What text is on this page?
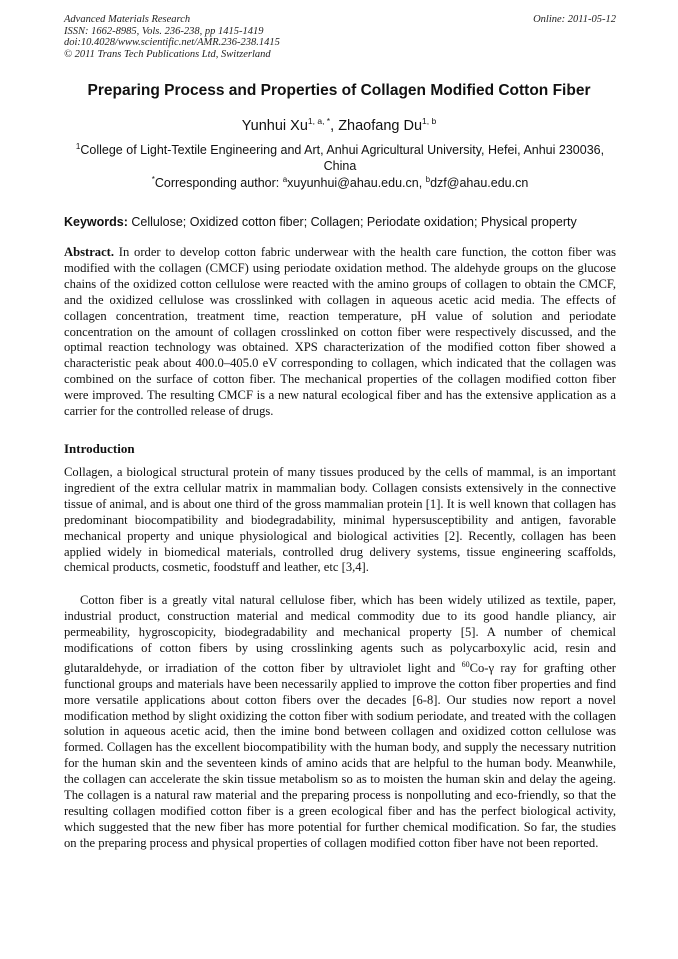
Advanced Materials Research
ISSN: 1662-8985, Vols. 236-238, pp 1415-1419
doi:10.4028/www.scientific.net/AMR.236-238.1415
© 2011 Trans Tech Publications Ltd, Switzerland
Online: 2011-05-12
Preparing Process and Properties of Collagen Modified Cotton Fiber
Yunhui $Xu^{1, a, *}$, Zhaofang Du$^{1, b}$
$^1$College of Light-Textile Engineering and Art, Anhui Agricultural University, Hefei, Anhui 230036, China
*Corresponding author: $^a$xuyunhui@ahau.edu.cn, $^b$dzf@ahau.edu.cn
Keywords: Cellulose; Oxidized cotton fiber; Collagen; Periodate oxidation; Physical property
Abstract. In order to develop cotton fabric underwear with the health care function, the cotton fiber was modified with the collagen (CMCF) using periodate oxidation method. The aldehyde groups on the glucose chains of the oxidized cotton cellulose were reacted with the amino groups of collagen to obtain the CMCF, and the oxidized cellulose was crosslinked with collagen in aqueous acetic acid media. The effects of collagen concentration, treatment time, reaction temperature, pH value of solution and periodate concentration on the amount of collagen crosslinked on cotton fiber were respectively discussed, and the optimal reaction technology was obtained. XPS characterization of the modified cotton fiber showed a characteristic peak about 400.0–405.0 eV corresponding to collagen, which indicated that the collagen was combined on the surface of cotton fiber. The mechanical properties of the collagen modified cotton fiber were improved. The resulting CMCF is a new natural ecological fiber and has the extensive application as a carrier for the controlled release of drugs.
Introduction
Collagen, a biological structural protein of many tissues produced by the cells of mammal, is an important ingredient of the extra cellular matrix in mammalian body. Collagen consists extensively in the connective tissue of animal, and is about one third of the gross mammalian protein [1]. It is well known that collagen has predominant biocompatibility and biodegradability, minimal hypersusceptibility and antigen, favorable mechanical property and unique physiological and biological activities [2]. Recently, collagen has been applied widely in biomedical materials, controlled drug delivery systems, tissue engineering scaffolds, chemical products, cosmetic, foodstuff and leather, etc [3,4].
Cotton fiber is a greatly vital natural cellulose fiber, which has been widely utilized as textile, paper, industrial product, construction material and medical commodity due to its good handle pliancy, air permeability, hygroscopicity, biodegradability and mechanical property [5]. A number of chemical modifications of cotton fibers by using crosslinking agents such as polycarboxylic acid, resin and glutaraldehyde, or irradiation of the cotton fiber by ultraviolet light and $^{60}$Co-γ ray for grafting other functional groups and materials have been necessarily applied to improve the cotton fiber properties and find more versatile applications about cotton fibers over the decades [6-8]. Our studies now report a novel modification method by slight oxidizing the cotton fiber with sodium periodate, and treated with the collagen solution in aqueous acetic acid, then the imine bond between collagen and oxidized cotton cellulose was formed. Collagen has the excellent biocompatibility with the human body, and supply the necessary nutrition for the human skin and the seventeen kinds of amino acids that are helpful to the human body. Meanwhile, the collagen can accelerate the skin tissue metabolism so as to moisten the human skin and delay the ageing. The collagen is a natural raw material and the preparing process is nonpolluting and eco-friendly, so that the resulting collagen modified cotton fiber is a green ecological fiber and has the perfect biological activity, which suggested that the new fiber has more potential for further chemical modification. So far, the studies on the preparing process and physical properties of collagen modified cotton fiber have not been reported.
